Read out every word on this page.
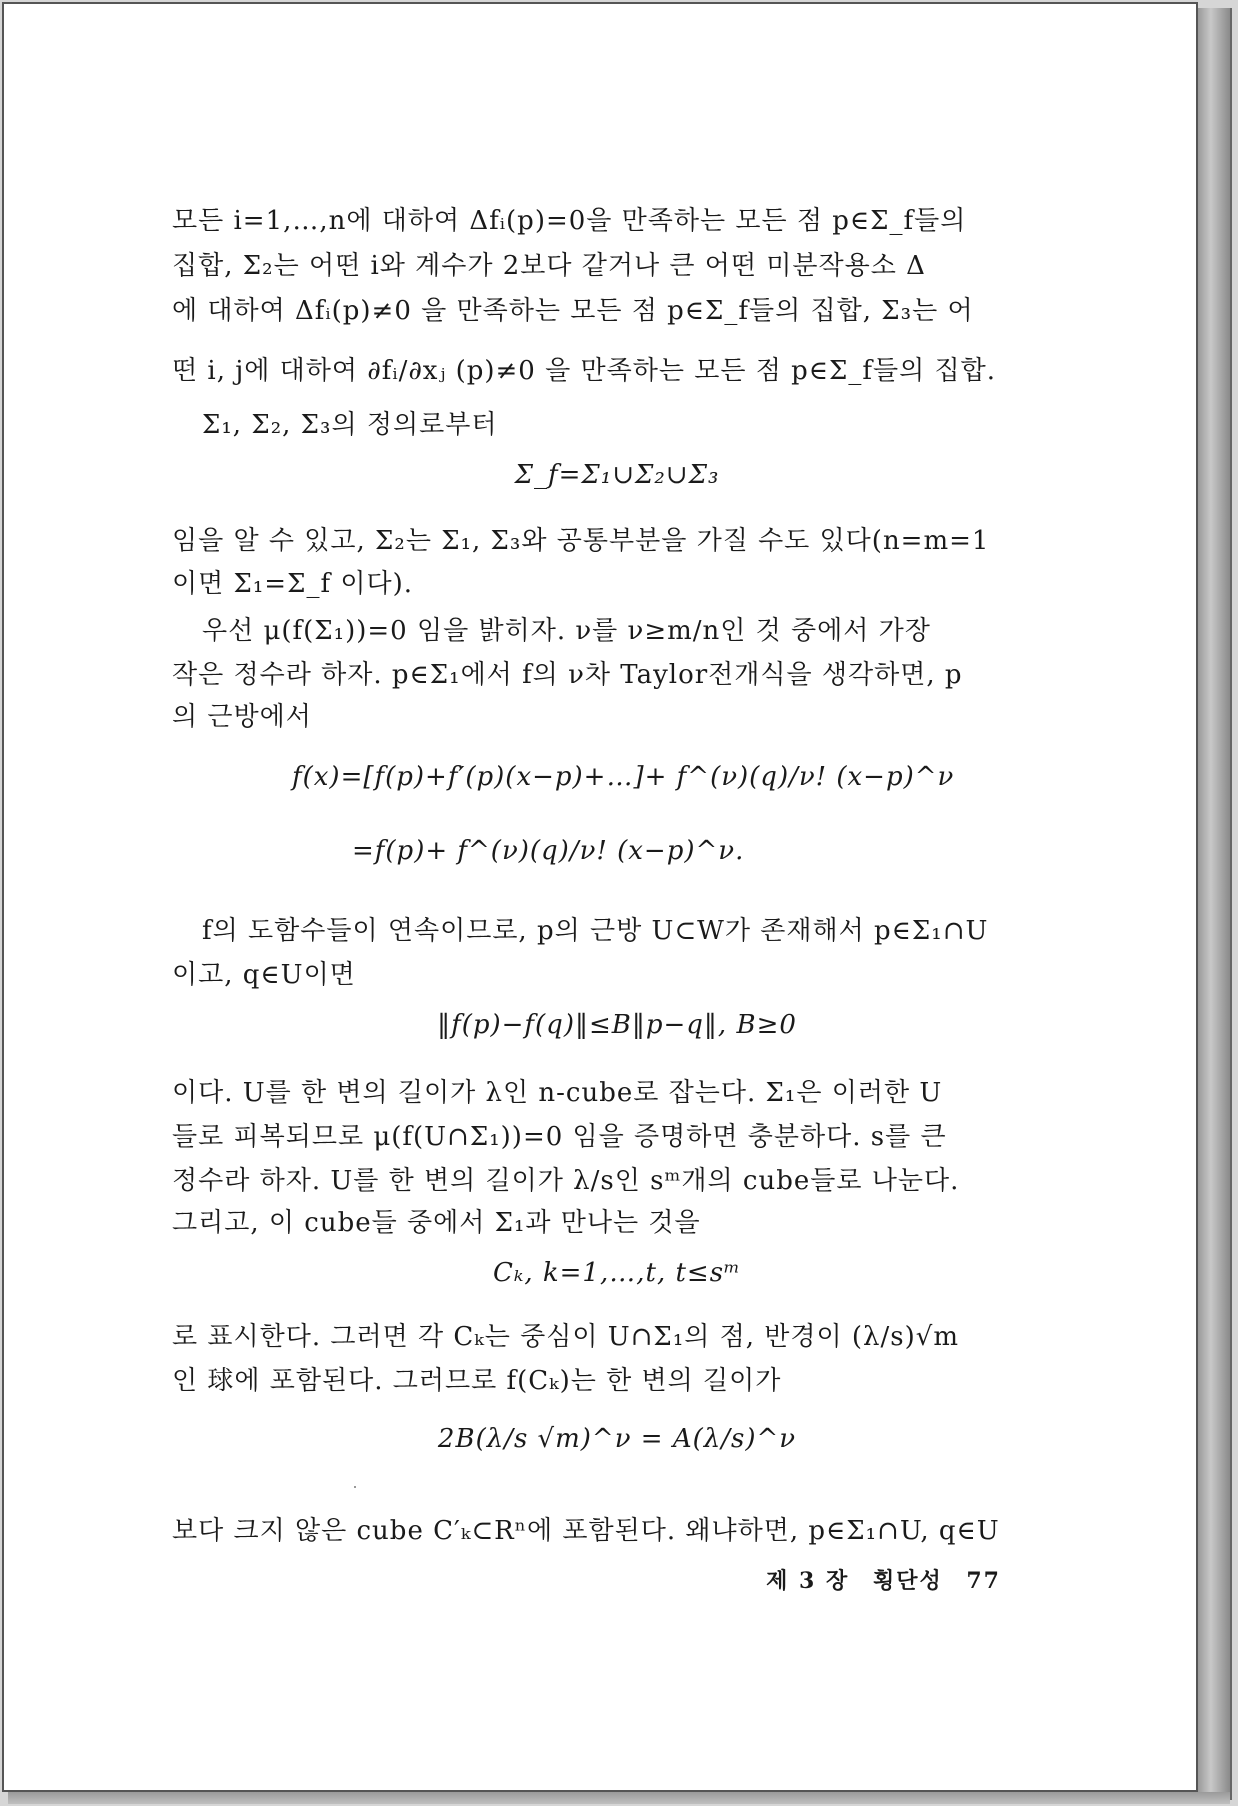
모든 i=1,…,n에 대하여 Δfᵢ(p)=0을 만족하는 모든 점 p∈Σ_f들의
집합, Σ₂는 어떤 i와 계수가 2보다 같거나 큰 어떤 미분작용소 Δ
에 대하여 Δfᵢ(p)≠0 을 만족하는 모든 점 p∈Σ_f들의 집합, Σ₃는 어
떤 i, j에 대하여 ∂fᵢ/∂xⱼ (p)≠0 을 만족하는 모든 점 p∈Σ_f들의 집합.
Σ₁, Σ₂, Σ₃의 정의로부터
Σ_f=Σ₁∪Σ₂∪Σ₃
임을 알 수 있고, Σ₂는 Σ₁, Σ₃와 공통부분을 가질 수도 있다(n=m=1
이면 Σ₁=Σ_f 이다).
우선 μ(f(Σ₁))=0 임을 밝히자. ν를 ν≥m/n인 것 중에서 가장
작은 정수라 하자. p∈Σ₁에서 f의 ν차 Taylor전개식을 생각하면, p
의 근방에서
f(x)=[f(p)+f′(p)(x−p)+…]+ f^(ν)(q)/ν! (x−p)^ν
=f(p)+ f^(ν)(q)/ν! (x−p)^ν.
f의 도함수들이 연속이므로, p의 근방 U⊂W가 존재해서 p∈Σ₁∩U
이고, q∈U이면
‖f(p)−f(q)‖≤B‖p−q‖, B≥0
이다. U를 한 변의 길이가 λ인 n-cube로 잡는다. Σ₁은 이러한 U
들로 피복되므로 μ(f(U∩Σ₁))=0 임을 증명하면 충분하다. s를 큰
정수라 하자. U를 한 변의 길이가 λ/s인 sᵐ개의 cube들로 나눈다.
그리고, 이 cube들 중에서 Σ₁과 만나는 것을
Cₖ, k=1,…,t, t≤sᵐ
로 표시한다. 그러면 각 Cₖ는 중심이 U∩Σ₁의 점, 반경이 (λ/s)√m
인 球에 포함된다. 그러므로 f(Cₖ)는 한 변의 길이가
2B(λ/s √m)^ν = A(λ/s)^ν
보다 크지 않은 cube C′ₖ⊂Rⁿ에 포함된다. 왜냐하면, p∈Σ₁∩U, q∈U
제 3 장 횡단성 77
